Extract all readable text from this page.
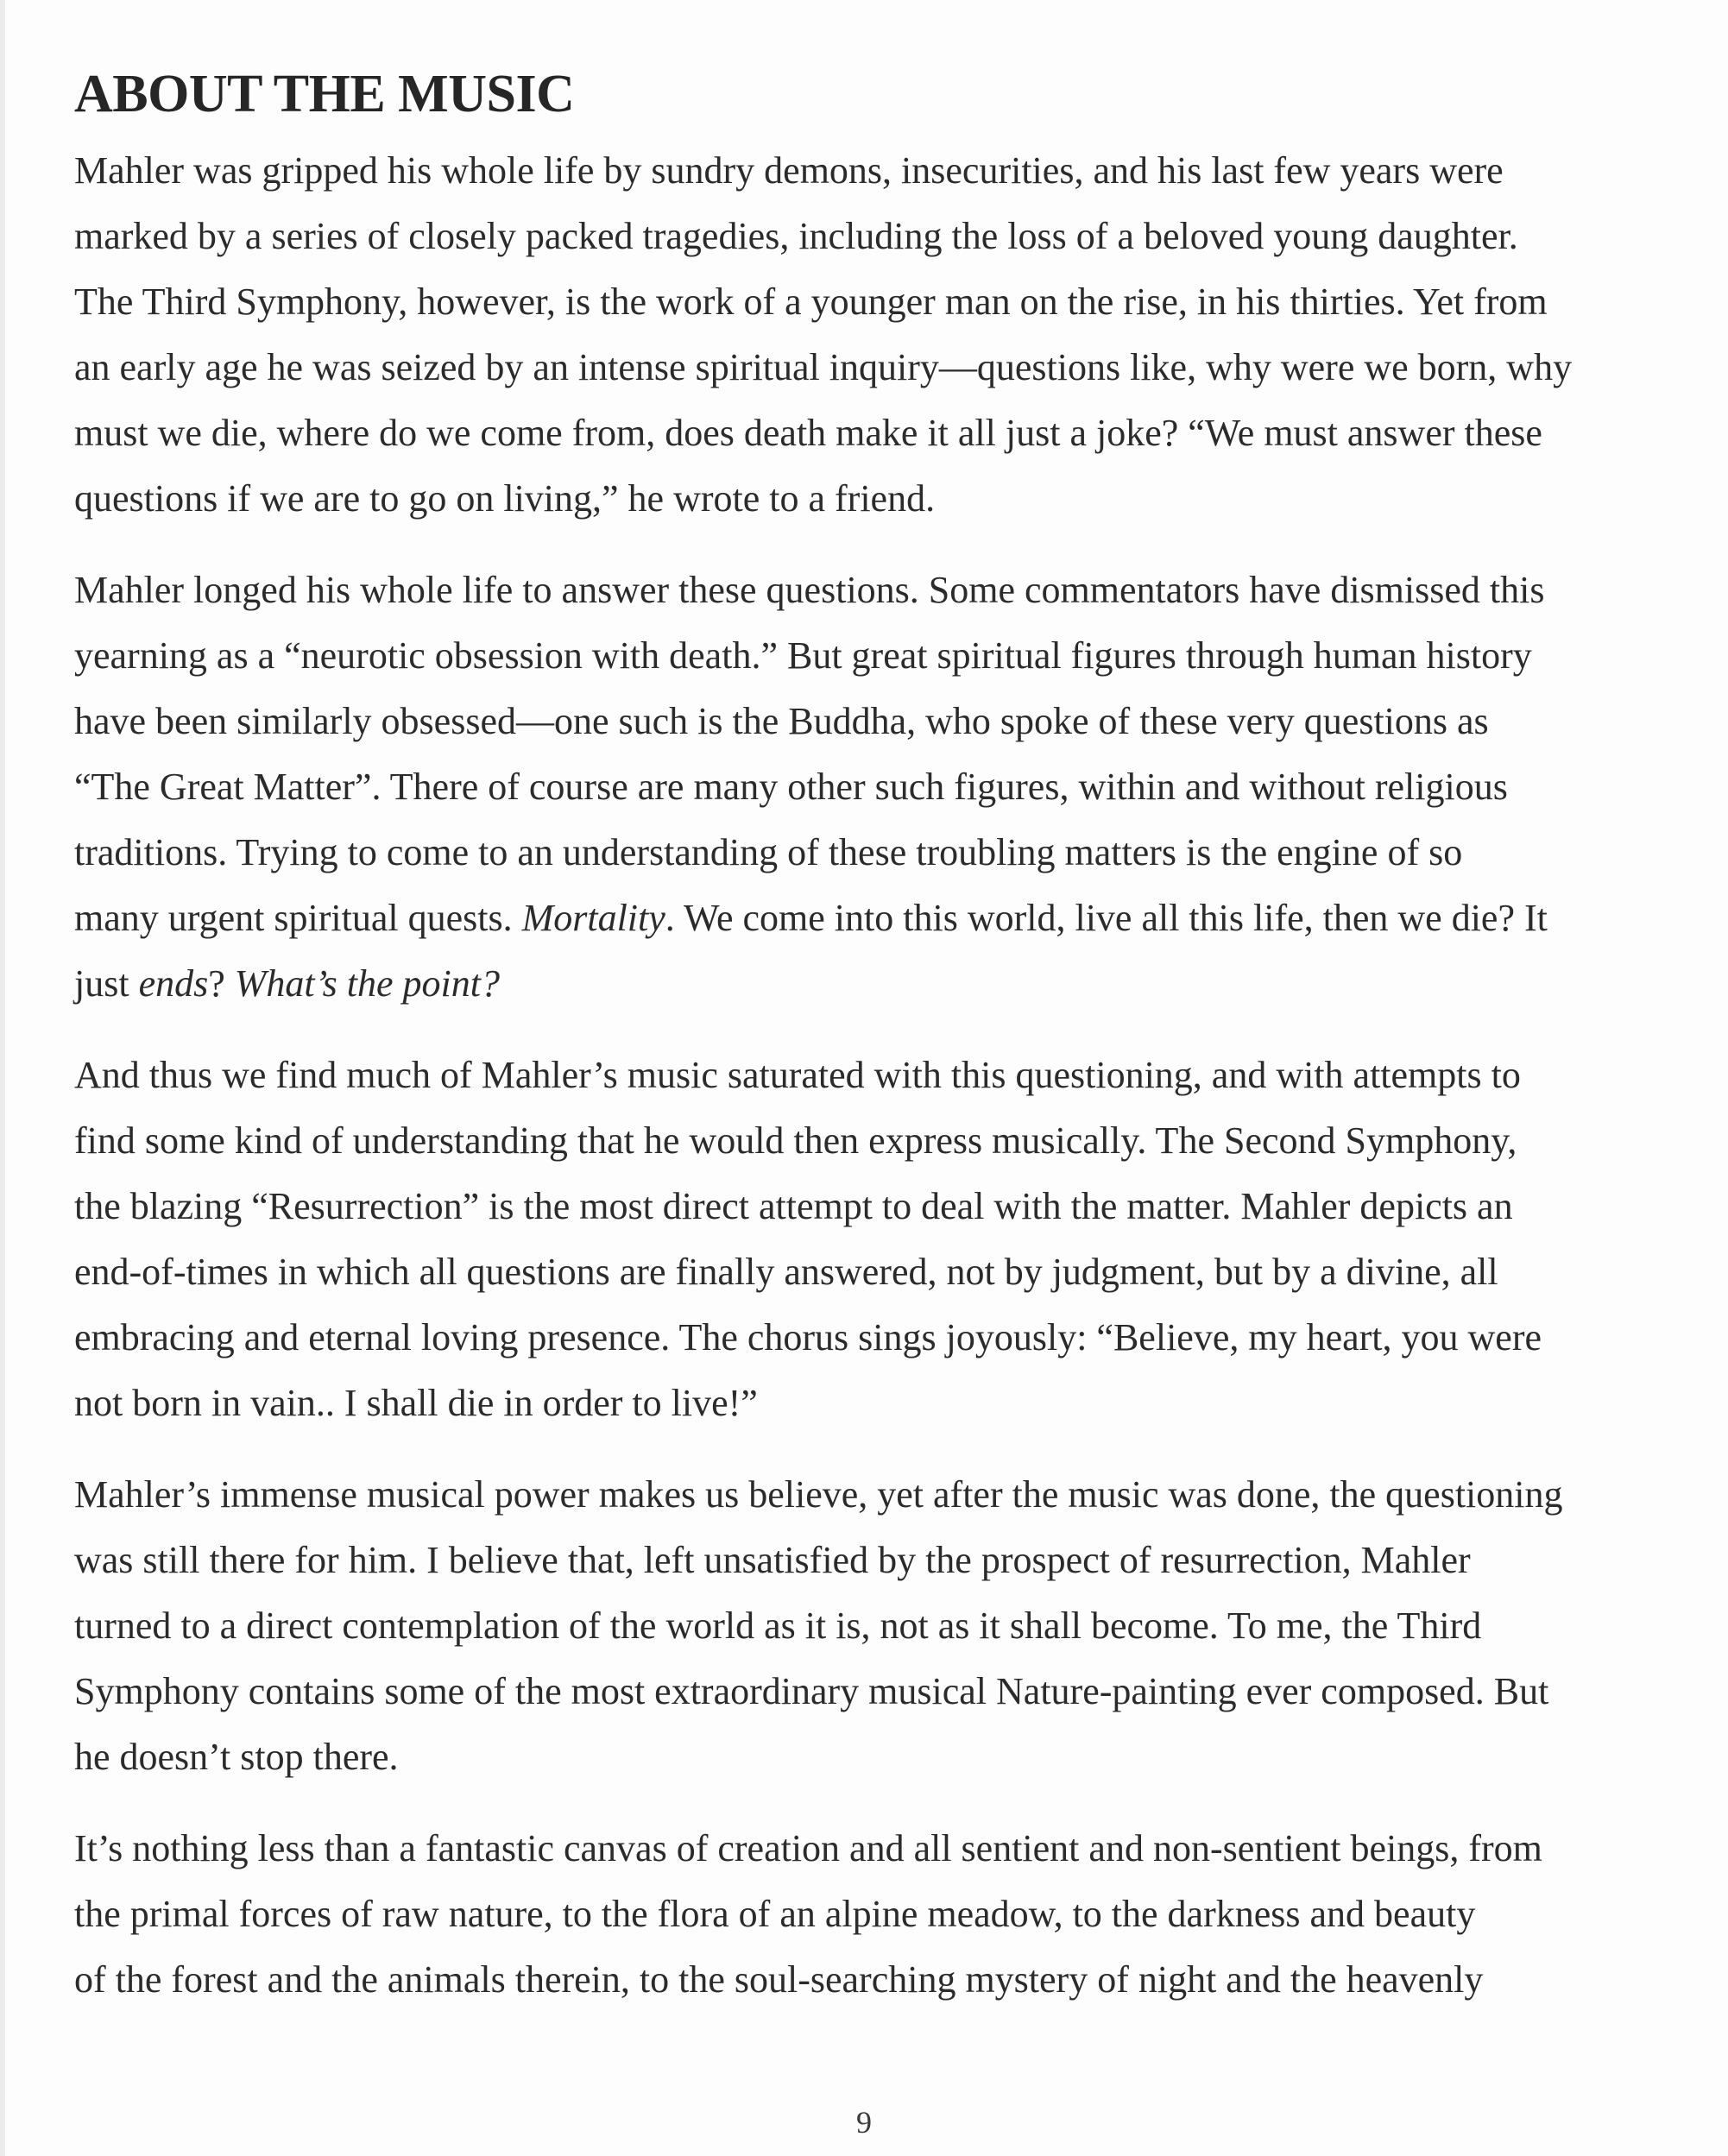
ABOUT THE MUSIC

Mahler was gripped his whole life by sundry demons, insecurities, and his last few years were
marked by a series of closely packed tragedies, including the loss of a beloved young daughter.
The Third Symphony, however, is the work of a younger man on the rise, in his thirties. Yet from
an early age he was seized by an intense spiritual inquiry—questions like, why were we born, why
must we die, where do we come from, does death make it all just a joke? “We must answer these
questions if we are to go on living,” he wrote to a friend.

Mahler longed his whole life to answer these questions. Some commentators have dismissed this
yearning as a “neurotic obsession with death.” But great spiritual figures through human history
have been similarly obsessed—one such is the Buddha, who spoke of these very questions as
“The Great Matter”. There of course are many other such figures, within and without religious
traditions. Trying to come to an understanding of these troubling matters is the engine of so
many urgent spiritual quests. Mortality. We come into this world, live all this life, then we die? It
just ends? What’s the point?

And thus we find much of Mahler’s music saturated with this questioning, and with attempts to
find some kind of understanding that he would then express musically. The Second Symphony,
the blazing “Resurrection” is the most direct attempt to deal with the matter. Mahler depicts an
end-of-times in which all questions are finally answered, not by judgment, but by a divine, all
embracing and eternal loving presence. The chorus sings joyously: “Believe, my heart, you were
not born in vain.. I shall die in order to live!”

Mahler’s immense musical power makes us believe, yet after the music was done, the questioning
was still there for him. I believe that, left unsatisfied by the prospect of resurrection, Mahler
turned to a direct contemplation of the world as it is, not as it shall become. To me, the Third
Symphony contains some of the most extraordinary musical Nature-painting ever composed. But
he doesn’t stop there.

It’s nothing less than a fantastic canvas of creation and all sentient and non-sentient beings, from
the primal forces of raw nature, to the flora of an alpine meadow, to the darkness and beauty
of the forest and the animals therein, to the soul-searching mystery of night and the heavenly

9
